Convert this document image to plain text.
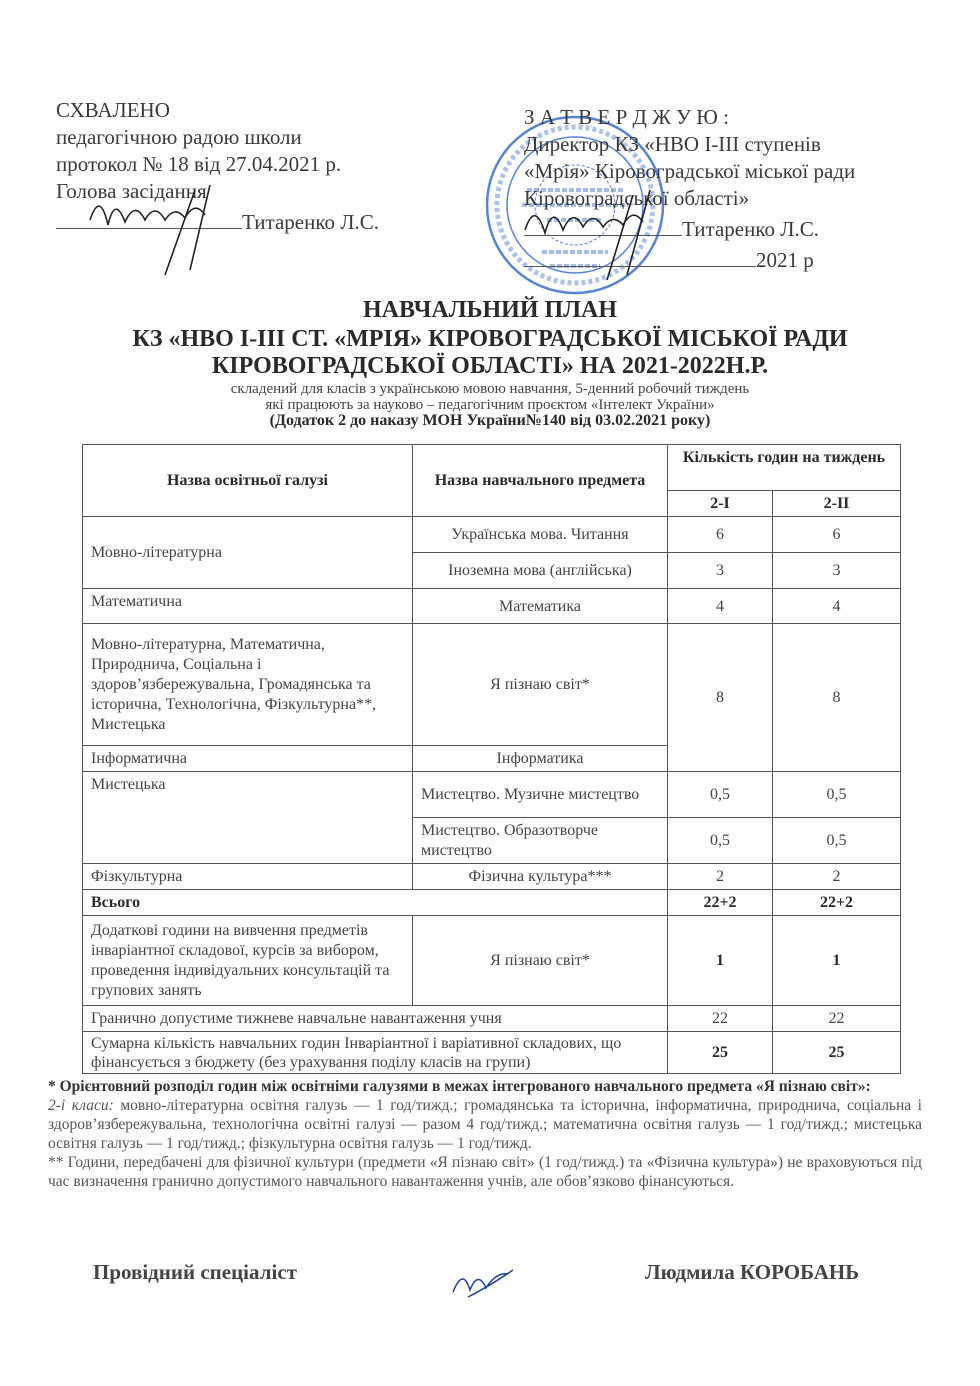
СХВАЛЕНО
педагогічною радою школи
протокол № 18 від 27.04.2021 р.
Голова засідання
Титаренко Л.С.
З А Т В Е Р Д Ж У Ю :
Директор КЗ «НВО І-ІІІ ступенів
«Мрія» Кіровоградської міської ради
Кіровоградської області»
Титаренко Л.С.
2021 р
НАВЧАЛЬНИЙ ПЛАН
КЗ «НВО І-ІІІ СТ. «МРІЯ» КІРОВОГРАДСЬКОЇ МІСЬКОЇ РАДИ
КІРОВОГРАДСЬКОЇ ОБЛАСТІ» НА 2021-2022Н.Р.
складений для класів з українською мовою навчання, 5-денний робочий тиждень
які працюють за науково – педагогічним проєктом «Інтелект України»
(Додаток 2 до наказу МОН України№140 від 03.02.2021 року)
Назва освітньої галузі	Назва навчального предмета	Кількість годин на тиждень	
		2-І	2-ІІ
Мовно-літературна	Українська мова. Читання	6	6
	Іноземна мова (англійська)	3	3
Математична	Математика	4	4
Мовно-літературна, Математична, Природнича, Соціальна і здоров’язбережувальна, Громадянська та історична, Технологічна, Фізкультурна**, Мистецька	Я пізнаю світ*	8	8
Інформатична	Інформатика		
Мистецька	Мистецтво. Музичне мистецтво	0,5	0,5
	Мистецтво. Образотворче мистецтво	0,5	0,5
Фізкультурна	Фізична культура***	2	2
Всього		22+2	22+2
Додаткові години на вивчення предметів інваріантної складової, курсів за вибором, проведення індивідуальних консультацій та групових занять	Я пізнаю світ*	1	1
Гранично допустиме тижневе навчальне навантаження учня		22	22
Сумарна кількість навчальних годин Інваріантної і варіативної складових, що фінансується з бюджету (без урахування поділу класів на групи)		25	25
* Орієнтовний розподіл годин між освітніми галузями в межах інтегрованого навчального предмета «Я пізнаю світ»:
2-і класи: мовно-літературна освітня галузь — 1 год/тижд.; громадянська та історична, інформатична, природнича, соціальна і здоров’язбережувальна, технологічна освітні галузі — разом 4 год/тижд.; математична освітня галузь — 1 год/тижд.; мистецька освітня галузь — 1 год/тижд.; фізкультурна освітня галузь — 1 год/тижд.
** Години, передбачені для фізичної культури (предмети «Я пізнаю світ» (1 год/тижд.) та «Фізична культура») не враховуються під час визначення гранично допустимого навчального навантаження учнів, але обов’язково фінансуються.
Провідний спеціаліст	Людмила КОРОБАНЬ
